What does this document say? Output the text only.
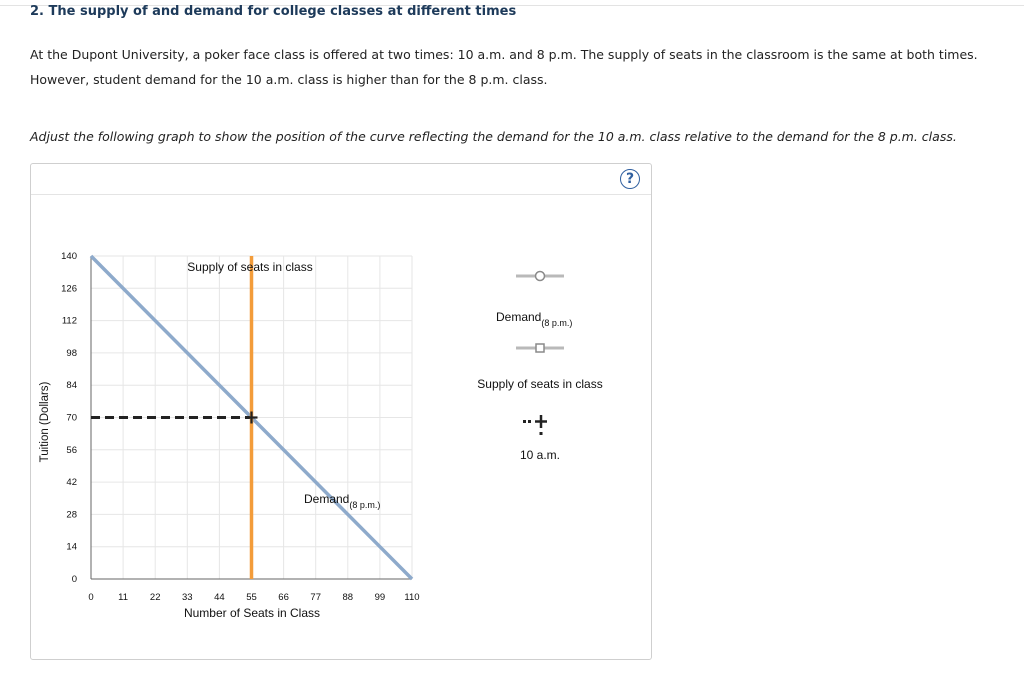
2. The supply of and demand for college classes at different times
At the Dupont University, a poker face class is offered at two times: 10 a.m. and 8 p.m. The supply of seats in the classroom is the same at both times. However, student demand for the 10 a.m. class is higher than for the 8 p.m. class.
Adjust the following graph to show the position of the curve reflecting the demand for the 10 a.m. class relative to the demand for the 8 p.m. class.
?
0	11 22 33 44 55 66 77 88 99 110
0
14
28
42
56
70
84
98
112
126
140
Supply of seats in class
Demand$_{(8 p.m.)}$
Number of Seats in Class
Tuition (Dollars)
Demand$_{(8 p.m.)}$
Supply of seats in class
10 a.m.
